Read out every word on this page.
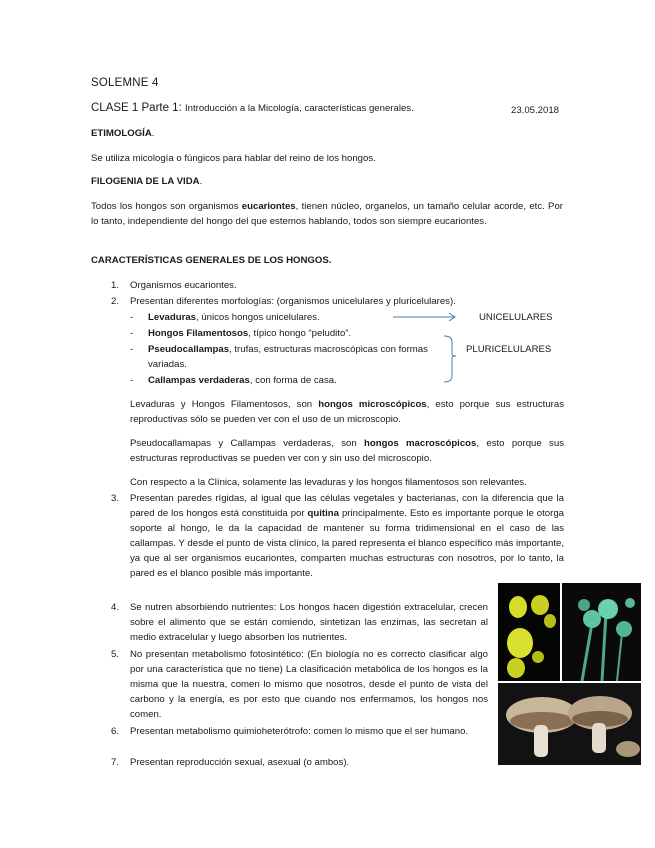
SOLEMNE 4
CLASE 1 Parte 1: Introducción a la Micología, características generales.	23.05.2018
ETIMOLOGÍA.
Se utiliza micología o fúngicos para hablar del reino de los hongos.
FILOGENIA DE LA VIDA.
Todos los hongos son organismos eucariontes, tienen núcleo, organelos, un tamaño celular acorde, etc. Por lo tanto, independiente del hongo del que estemos hablando, todos son siempre eucariontes.
CARACTERÍSTICAS GENERALES DE LOS HONGOS.
1. Organismos eucariontes.
2. Presentan diferentes morfologías: (organismos unicelulares y pluricelulares).
- Levaduras, únicos hongos unicelulares.
- Hongos Filamentosos, típico hongo “peludito”.
- Pseudocallampas, trufas, estructuras macroscópicas con formas variadas.
- Callampas verdaderas, con forma de casa.
UNICELULARES
PLURICELULARES
Levaduras y Hongos Filamentosos, son hongos microscópicos, esto porque sus estructuras reproductivas sólo se pueden ver con el uso de un microscopio.
Pseudocallamapas y Callampas verdaderas, son hongos macroscópicos, esto porque sus estructuras reproductivas se pueden ver con y sin uso del microscopio.
Con respecto a la Clínica, solamente las levaduras y los hongos filamentosos son relevantes.
3. Presentan paredes rígidas, al igual que las células vegetales y bacterianas, con la diferencia que la pared de los hongos está constituida por quitina principalmente. Esto es importante porque le otorga soporte al hongo, le da la capacidad de mantener su forma tridimensional en el caso de las callampas. Y desde el punto de vista clínico, la pared representa el blanco específico más importante, ya que al ser organismos eucariontes, comparten muchas estructuras con nosotros, por lo tanto, la pared es el blanco posible más importante.
4. Se nutren absorbiendo nutrientes: Los hongos hacen digestión extracelular, crecen sobre el alimento que se están comiendo, sintetizan las enzimas, las secretan al medio extracelular y luego absorben los nutrientes.
5. No presentan metabolismo fotosintético: (En biología no es correcto clasificar algo por una característica que no tiene) La clasificación metabólica de los hongos es la misma que la nuestra, comen lo mismo que nosotros, desde el punto de vista del carbono y la energía, es por esto que cuando nos enfermamos, los hongos nos comen.
6. Presentan metabolismo quimioheterótrofo: comen lo mismo que el ser humano.
7. Presentan reproducción sexual, asexual (o ambos).
